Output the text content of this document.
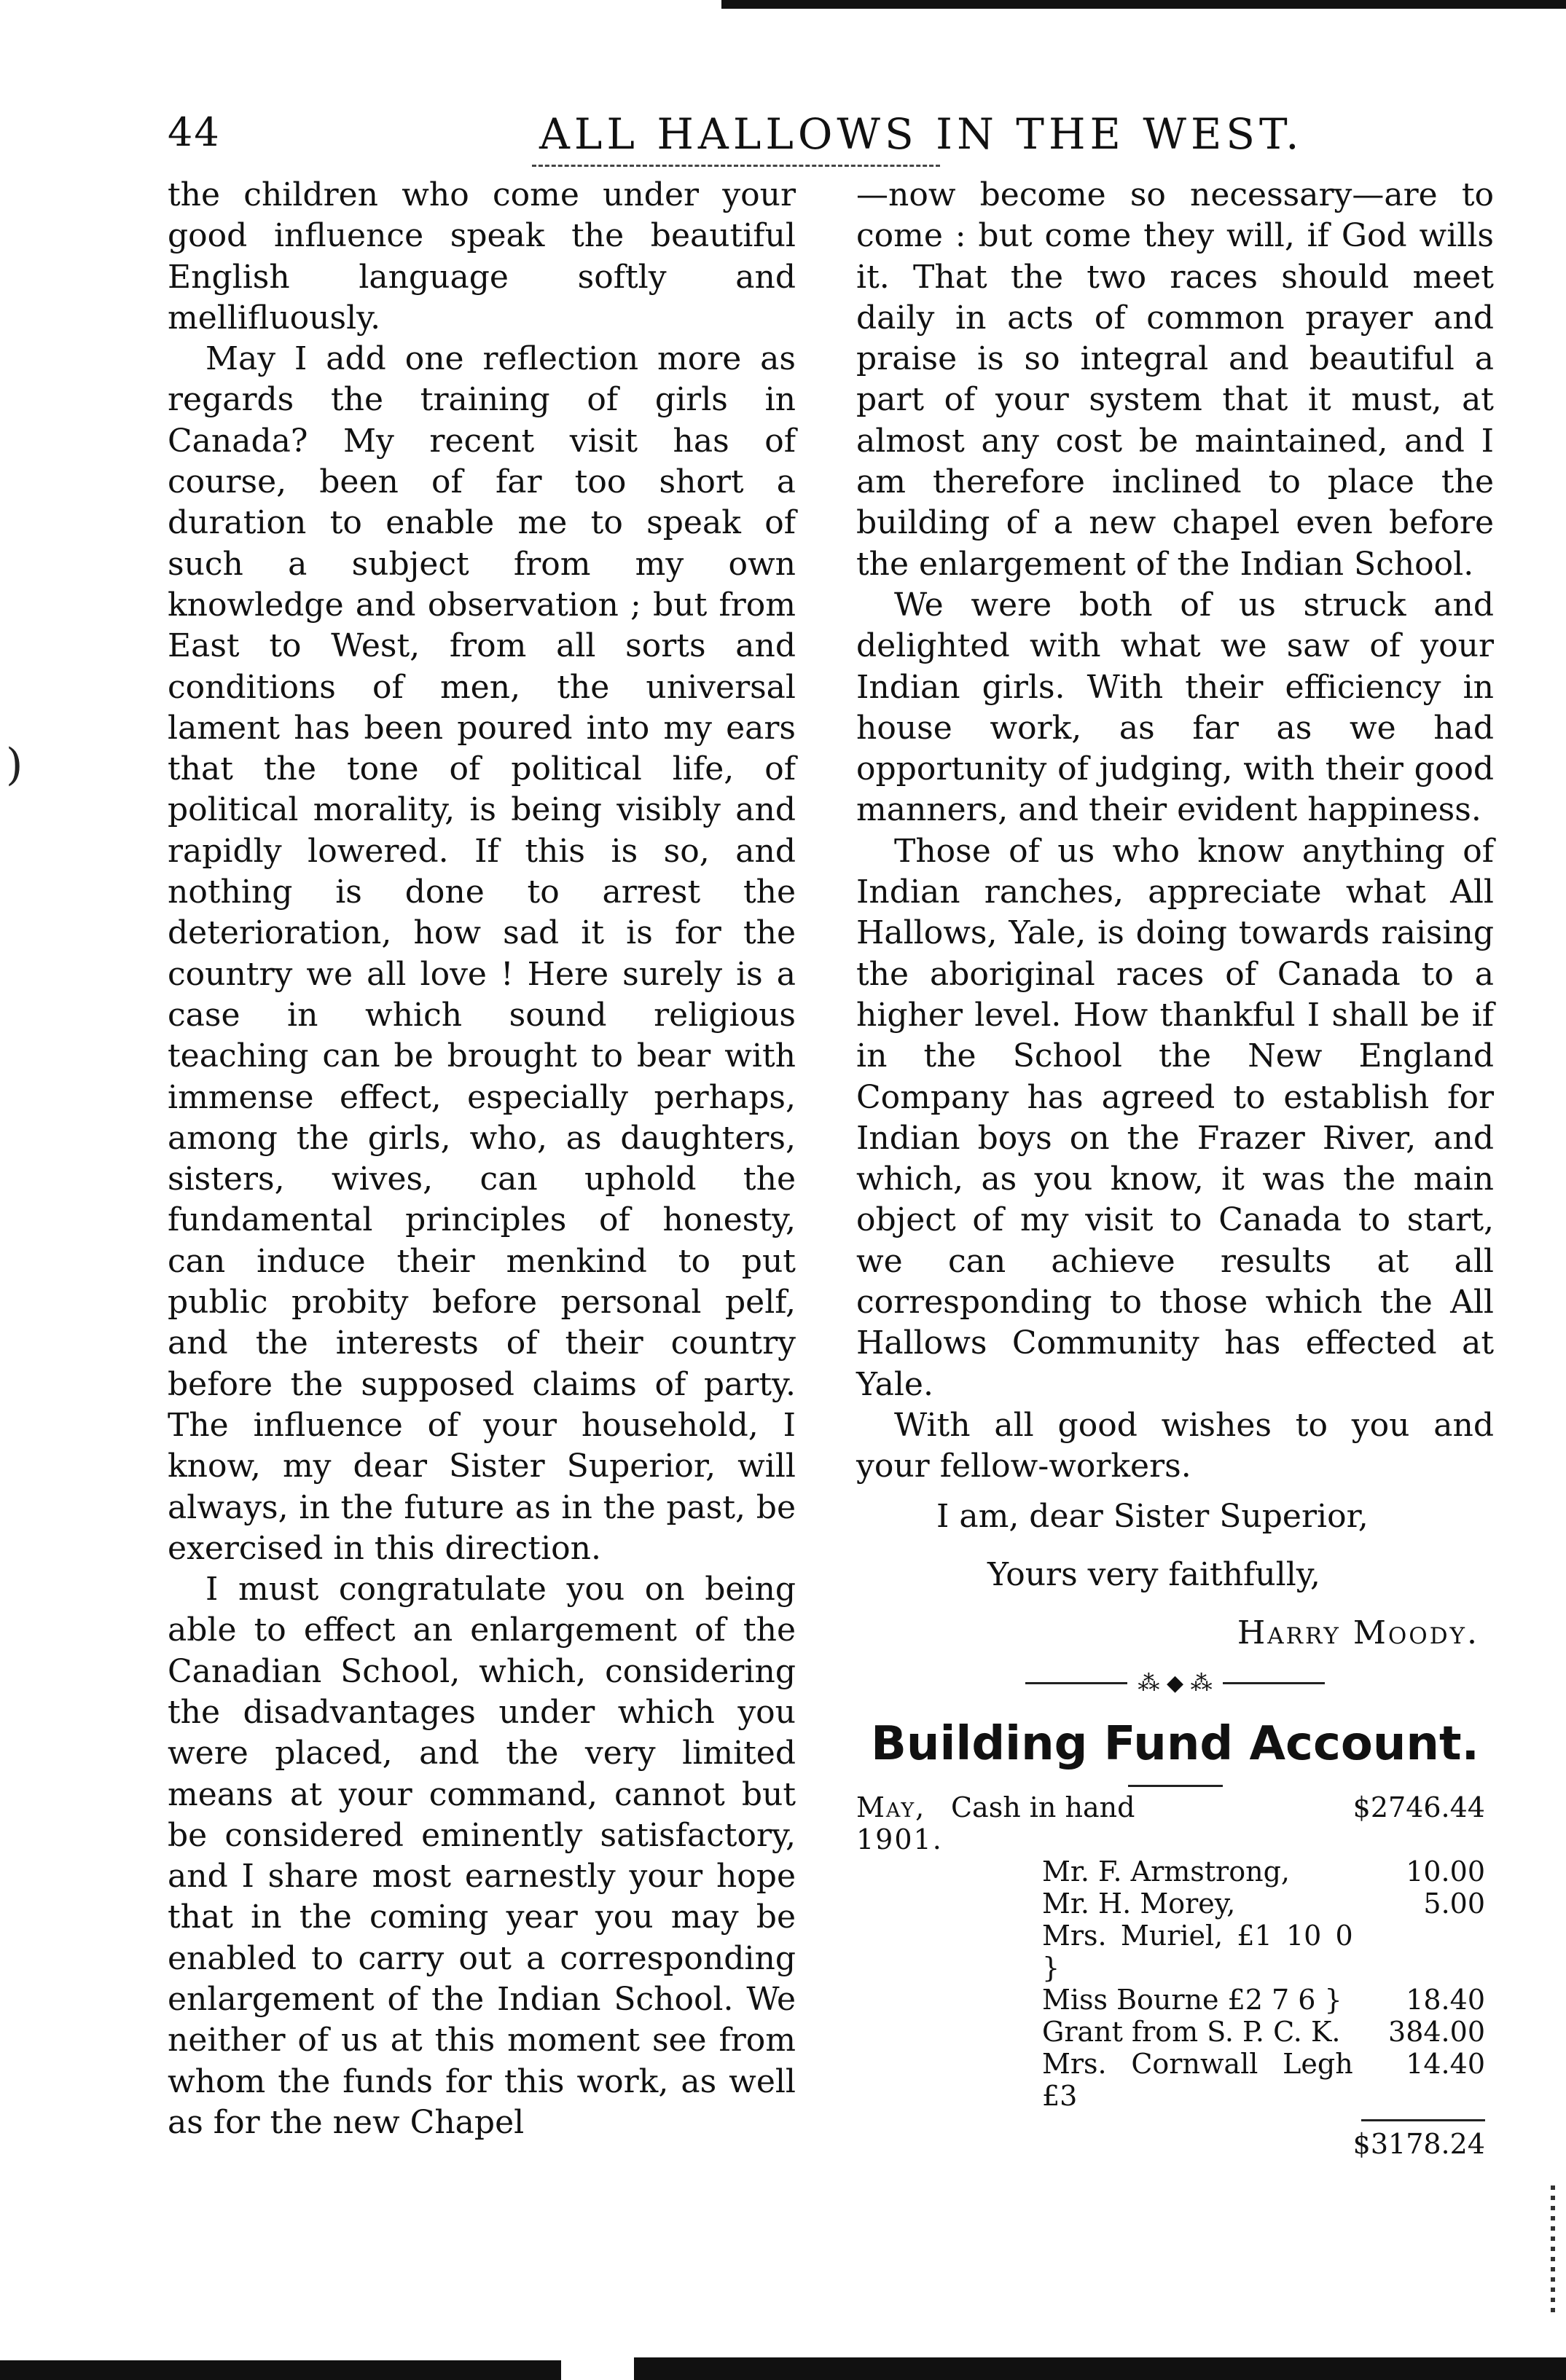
)
44	ALL HALLOWS IN THE WEST.

the children who come under your good influence speak the beautiful English language softly and mellifluously.

May I add one reflection more as regards the training of girls in Canada? My recent visit has of course, been of far too short a duration to enable me to speak of such a subject from my own knowledge and observation ; but from East to West, from all sorts and conditions of men, the universal lament has been poured into my ears that the tone of political life, of political morality, is being visibly and rapidly lowered. If this is so, and nothing is done to arrest the deterioration, how sad it is for the country we all love ! Here surely is a case in which sound religious teaching can be brought to bear with immense effect, especially perhaps, among the girls, who, as daughters, sisters, wives, can uphold the fundamental principles of honesty, can induce their menkind to put public probity before personal pelf, and the interests of their country before the supposed claims of party. The influence of your household, I know, my dear Sister Superior, will always, in the future as in the past, be exercised in this direction.

I must congratulate you on being able to effect an enlargement of the Canadian School, which, considering the disadvantages under which you were placed, and the very limited means at your command, cannot but be considered eminently satisfactory, and I share most earnestly your hope that in the coming year you may be enabled to carry out a corresponding enlargement of the Indian School. We neither of us at this moment see from whom the funds for this work, as well as for the new Chapel

—now become so necessary—are to come : but come they will, if God wills it. That the two races should meet daily in acts of common prayer and praise is so integral and beautiful a part of your system that it must, at almost any cost be maintained, and I am therefore inclined to place the building of a new chapel even before the enlargement of the Indian School.

We were both of us struck and delighted with what we saw of your Indian girls. With their efficiency in house work, as far as we had opportunity of judging, with their good manners, and their evident happiness.

Those of us who know anything of Indian ranches, appreciate what All Hallows, Yale, is doing towards raising the aboriginal races of Canada to a higher level. How thankful I shall be if in the School the New England Company has agreed to establish for Indian boys on the Frazer River, and which, as you know, it was the main object of my visit to Canada to start, we can achieve results at all corresponding to those which the All Hallows Community has effected at Yale.

With all good wishes to you and your fellow-workers.

I am, dear Sister Superior,
Yours very faithfully,
Harry Moody.
⁂ ◆ ⁂
Building Fund Account.
May, 1901.	Cash in hand	$2746.44
	Mr. F. Armstrong,	10.00
	Mr. H. Morey,	5.00
	Mrs. Muriel, £1 10 0 }	
	Miss Bourne £2 7 6 }	18.40
	Grant from S. P. C. K.	384.00
	Mrs. Cornwall Legh £3	14.40
$3178.24
